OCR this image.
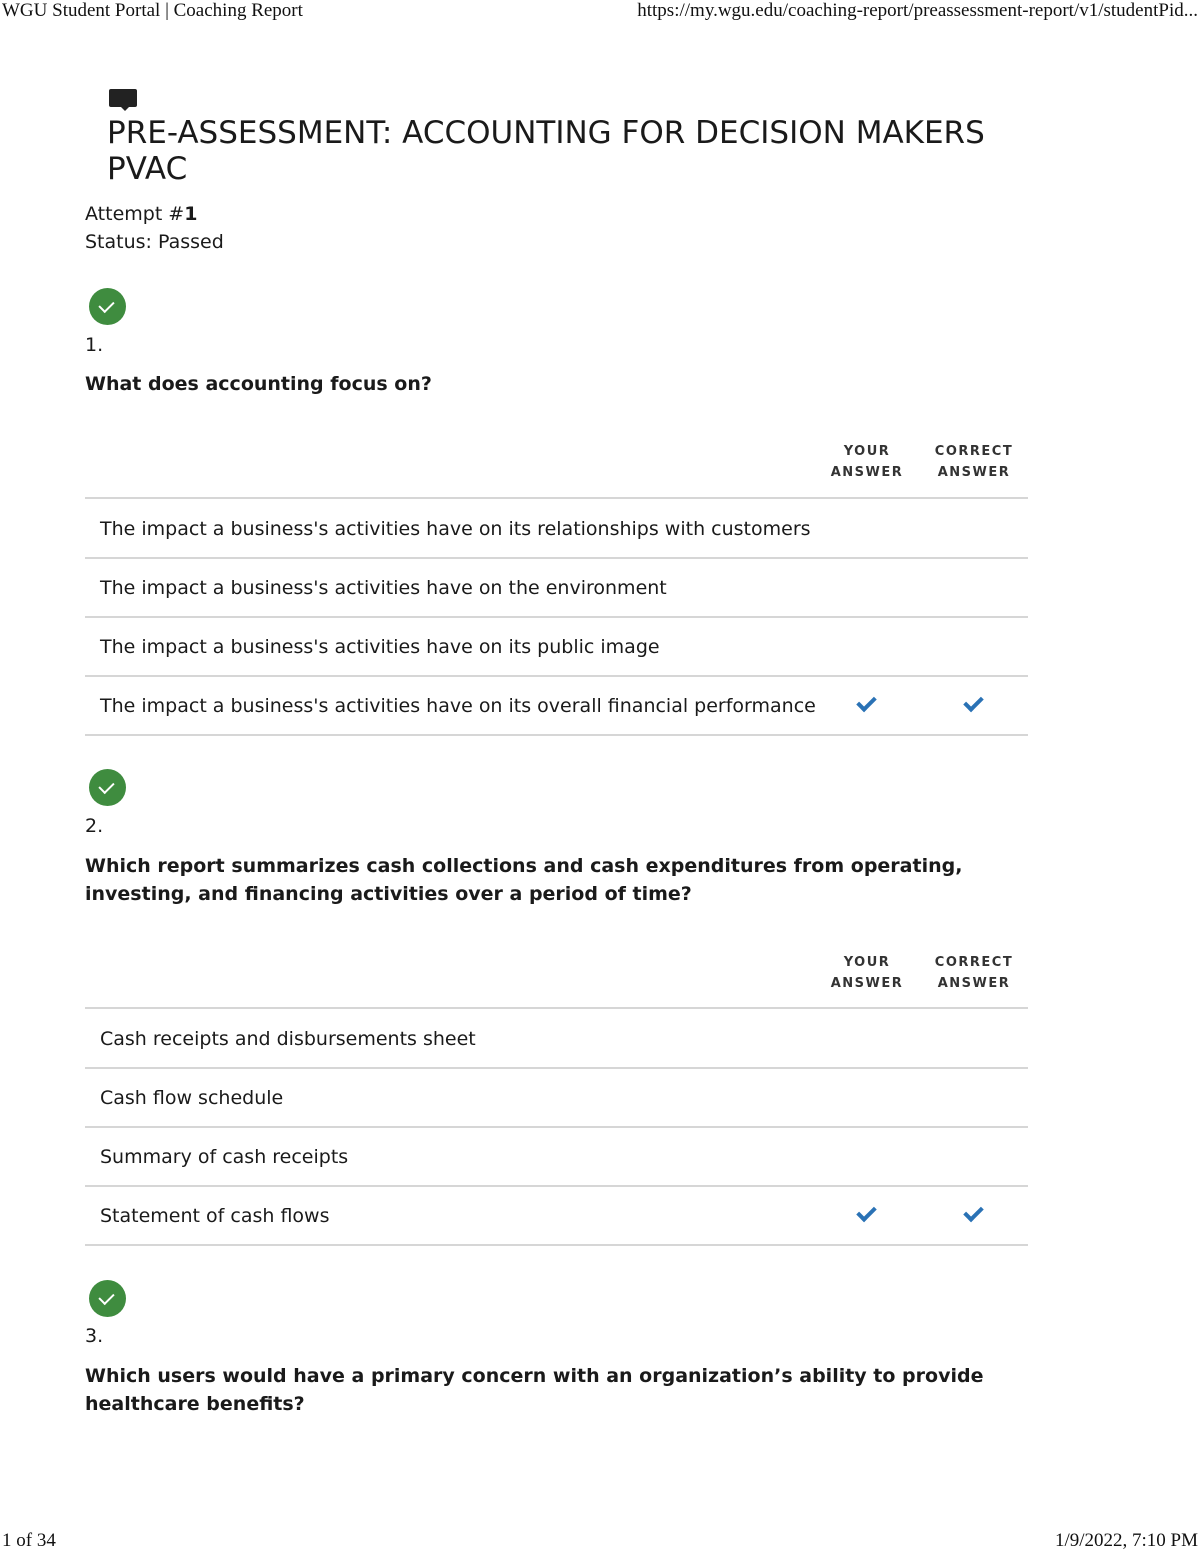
WGU Student Portal | Coaching Report	https://my.wgu.edu/coaching-report/preassessment-report/v1/studentPid...
PRE-ASSESSMENT: ACCOUNTING FOR DECISION MAKERS PVAC
Attempt #1
Status: Passed
1.

What does accounting focus on?

YOUR
ANSWER
CORRECT
ANSWER
The impact a business's activities have on its relationships with customers
The impact a business's activities have on the environment
The impact a business's activities have on its public image
The impact a business's activities have on its overall financial performance
2.

Which report summarizes cash collections and cash expenditures from operating, investing, and financing activities over a period of time?

YOUR
ANSWER
CORRECT
ANSWER
Cash receipts and disbursements sheet
Cash flow schedule
Summary of cash receipts
Statement of cash flows
3.

Which users would have a primary concern with an organization’s ability to provide healthcare benefits?

1 of 34	1/9/2022, 7:10 PM
